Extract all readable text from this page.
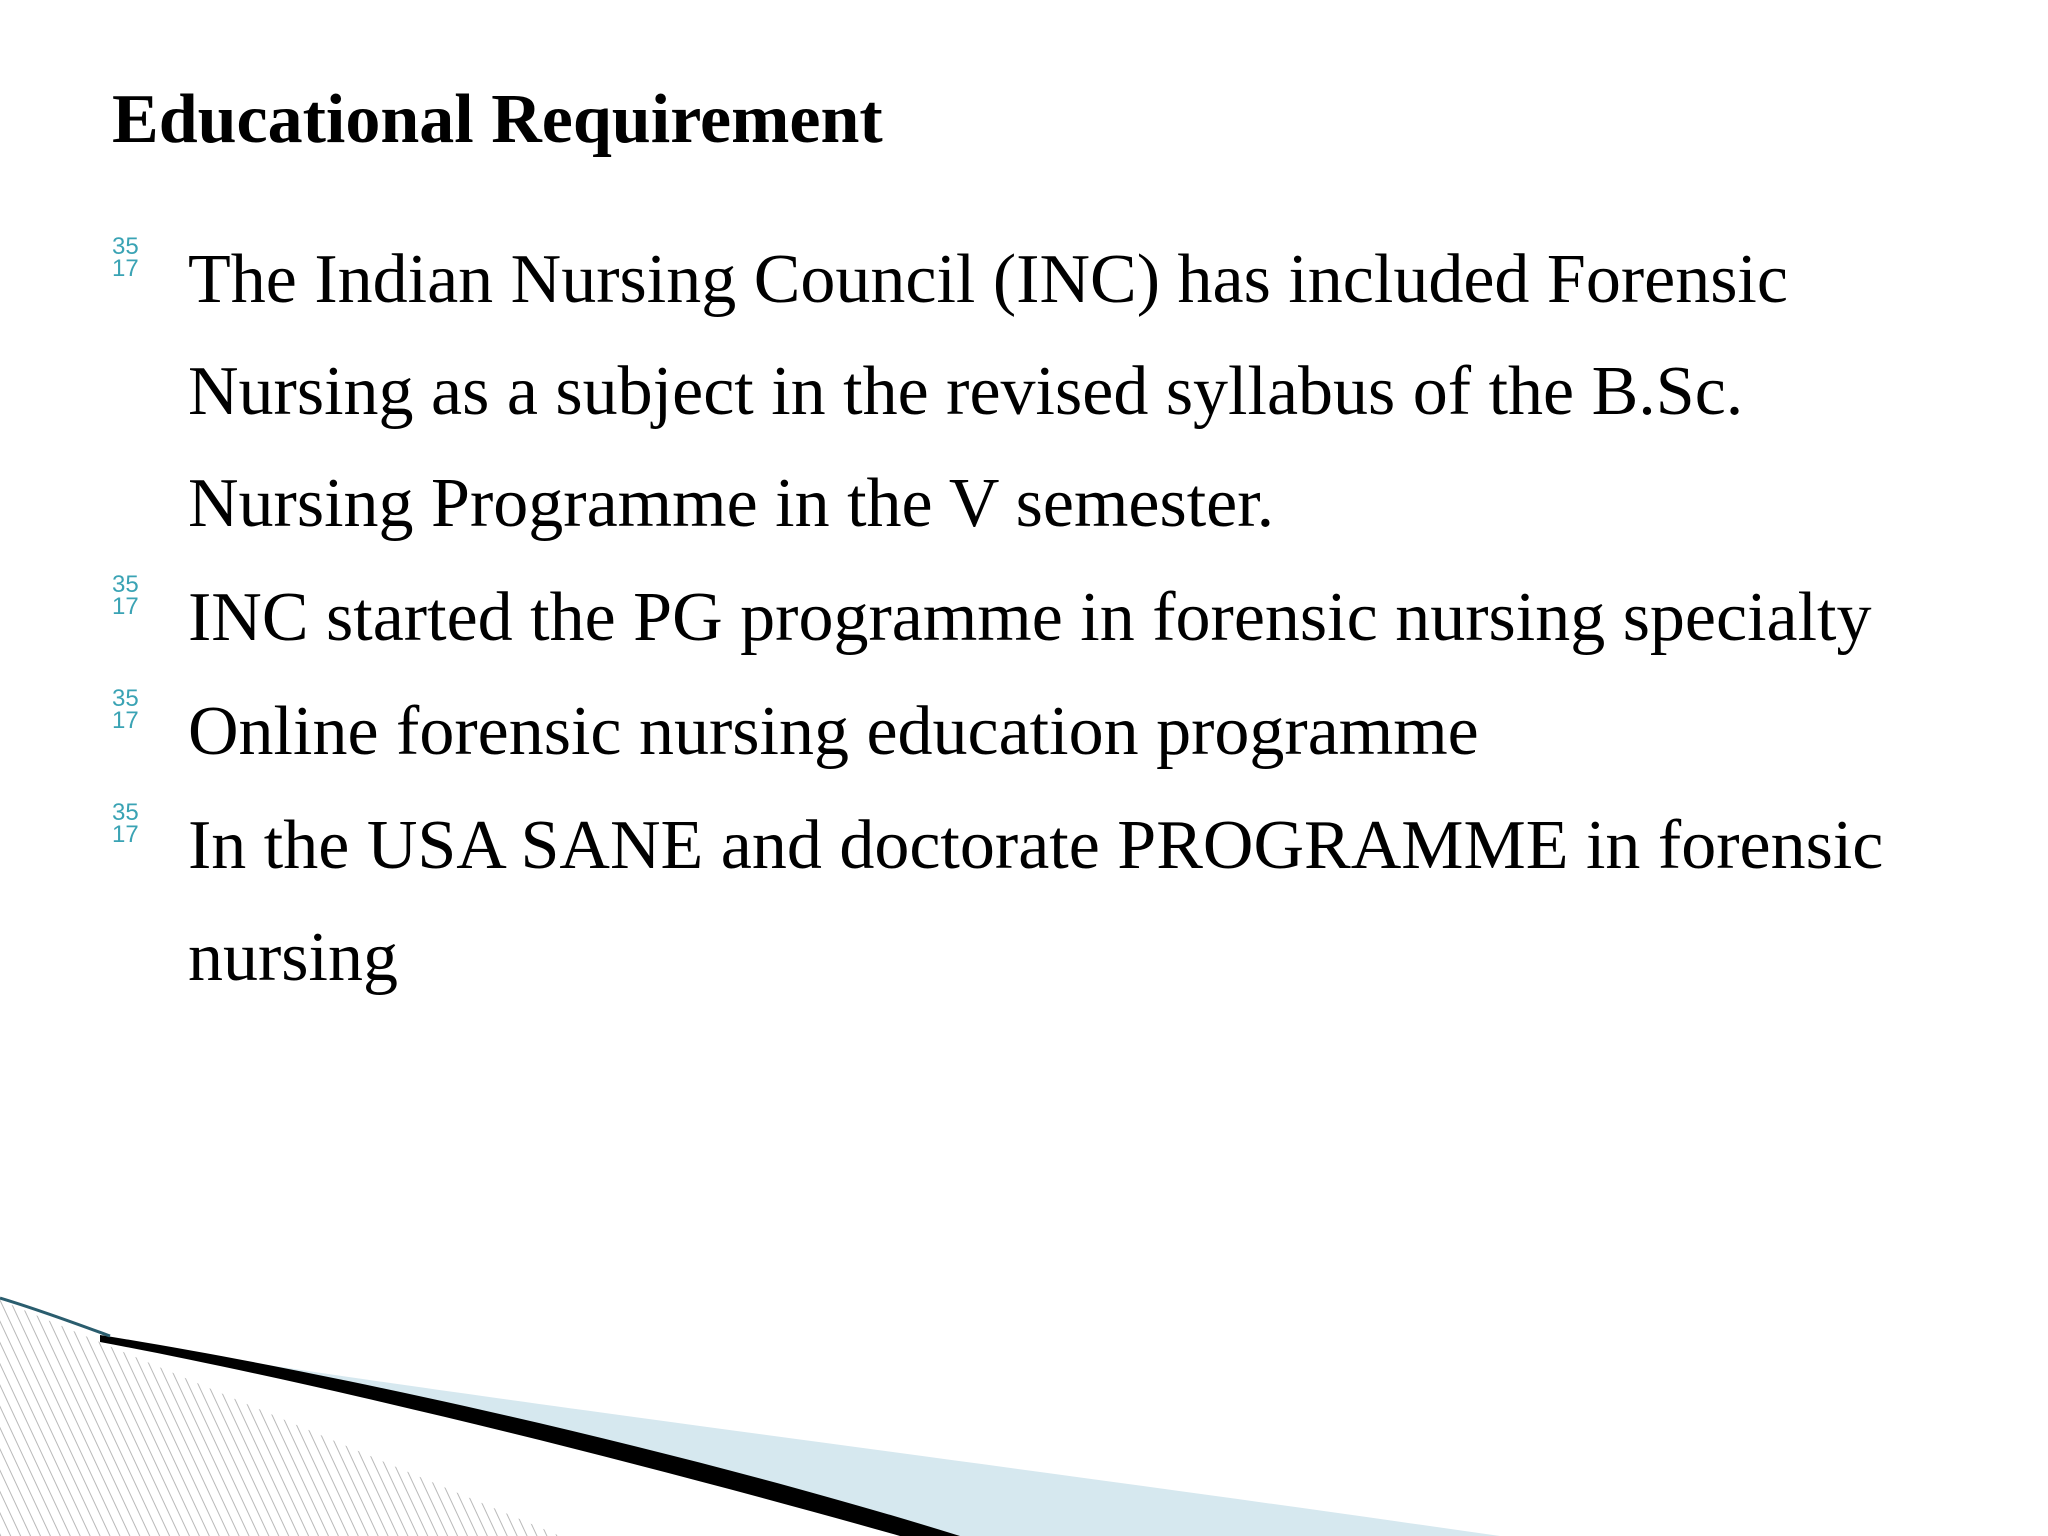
Educational Requirement
35
17 The Indian Nursing Council (INC) has included Forensic Nursing as a subject in the revised syllabus of the B.Sc. Nursing Programme in the V semester.
35
17 INC started the PG programme in forensic nursing specialty
35
17 Online forensic nursing education programme
35
17 In the USA SANE and doctorate PROGRAMME in forensic nursing
